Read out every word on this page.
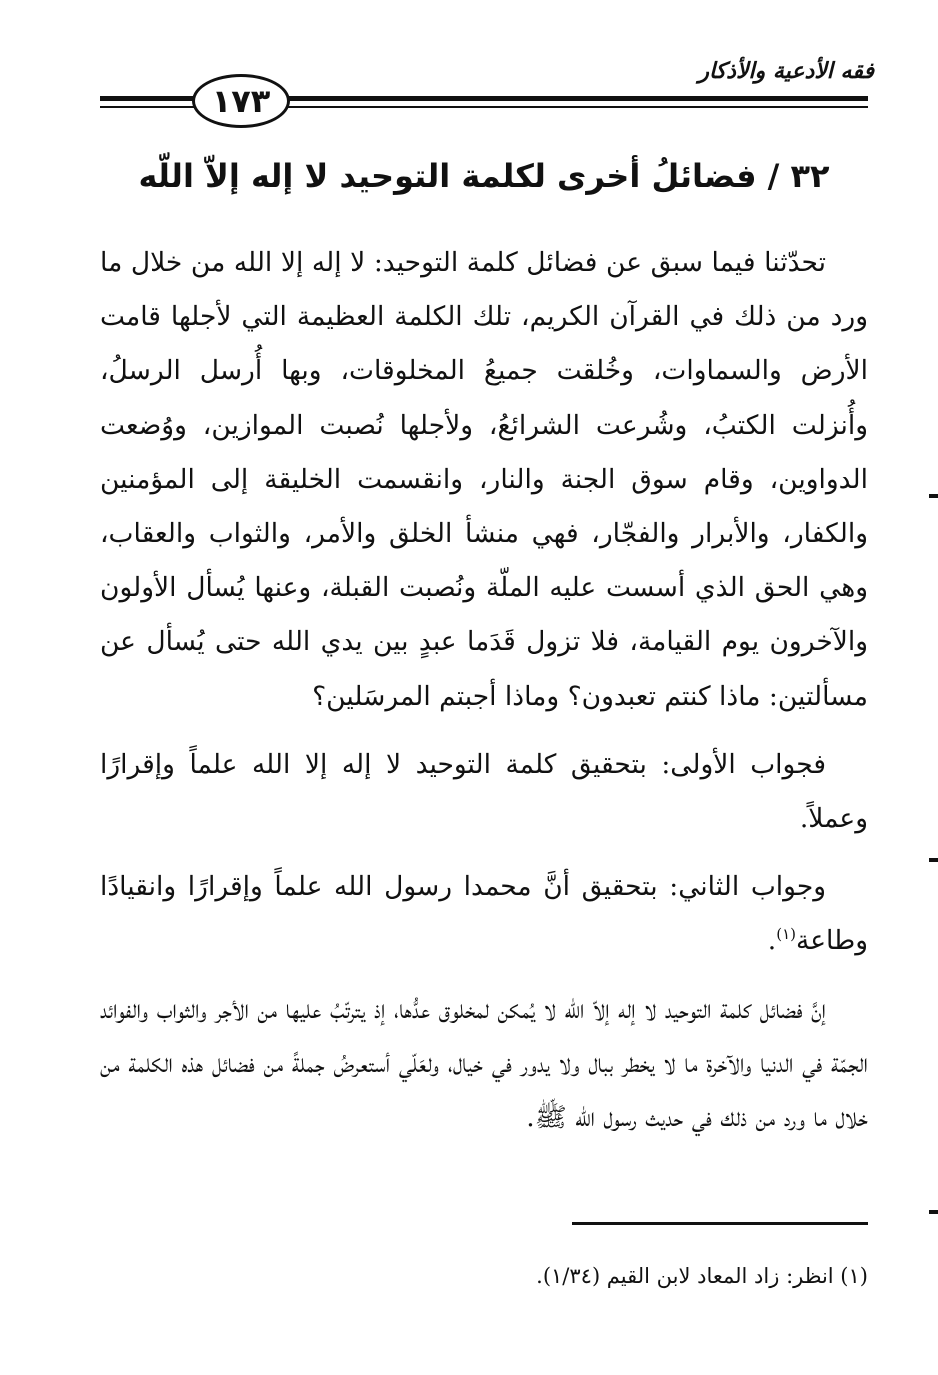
فقه الأدعية والأذكار
١٧٣
٣٢ / فضائلُ أخرى لكلمة التوحيد لا إله إلاّ اللّه

تحدّثنا فيما سبق عن فضائل كلمة التوحيد: لا إله إلا الله من خلال ما ورد من ذلك في القرآن الكريم، تلك الكلمة العظيمة التي لأجلها قامت الأرض والسماوات، وخُلقت جميعُ المخلوقات، وبها أُرسل الرسلُ، وأُنزلت الكتبُ، وشُرعت الشرائعُ، ولأجلها نُصبت الموازين، ووُضعت الدواوين، وقام سوق الجنة والنار، وانقسمت الخليقة إلى المؤمنين والكفار، والأبرار والفجّار، فهي منشأ الخلق والأمر، والثواب والعقاب، وهي الحق الذي أسست عليه الملّة ونُصبت القبلة، وعنها يُسأل الأولون والآخرون يوم القيامة، فلا تزول قَدَما عبدٍ بين يدي الله حتى يُسأل عن مسألتين: ماذا كنتم تعبدون؟ وماذا أجبتم المرسَلين؟

فجواب الأولى: بتحقيق كلمة التوحيد لا إله إلا الله علماً وإقرارًا وعملاً.

وجواب الثاني: بتحقيق أنَّ محمدا رسول الله علماً وإقرارًا وانقيادًا وطاعة$^{(١)}$.

إنَّ فضائل كلمة التوحيد لا إله إلاّ الله لا يُمكن لمخلوق عدُّها، إذ يترتّبُ عليها من الأجر والثواب والفوائد الجمّة في الدنيا والآخرة ما لا يخطر ببال ولا يدور في خيال، ولعَلّي أستعرضُ جملةً من فضائل هذه الكلمة من خلال ما ورد من ذلك في حديث رسول الله ﷺ.

(١) انظر: زاد المعاد لابن القيم (١/٣٤).
